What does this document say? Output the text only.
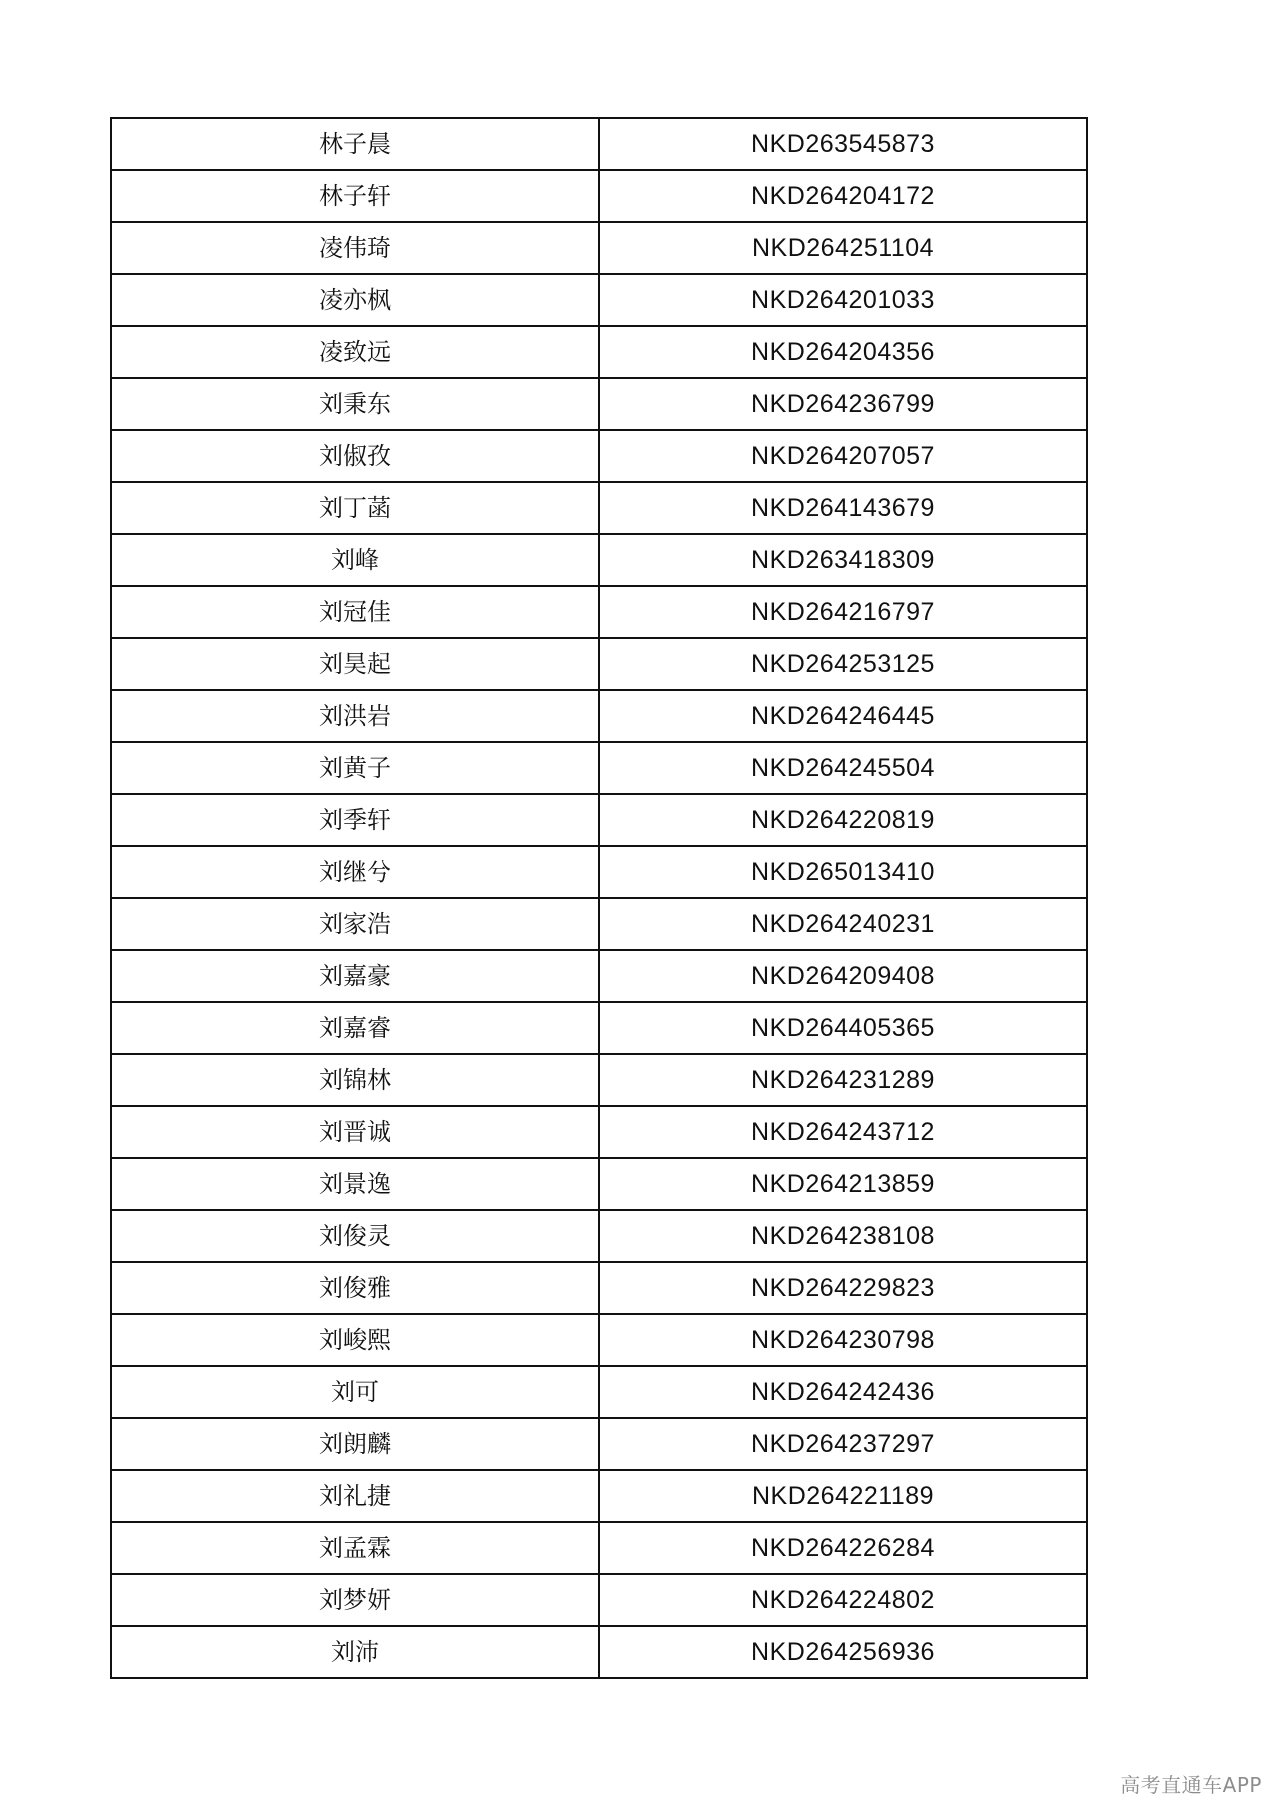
林子晨	NKD263545873
林子轩	NKD264204172
凌伟琦	NKD264251104
凌亦枫	NKD264201033
凌致远	NKD264204356
刘秉东	NKD264236799
刘俶孜	NKD264207057
刘丁菡	NKD264143679
刘峰	NKD263418309
刘冠佳	NKD264216797
刘昊起	NKD264253125
刘洪岩	NKD264246445
刘黄子	NKD264245504
刘季轩	NKD264220819
刘继兮	NKD265013410
刘家浩	NKD264240231
刘嘉豪	NKD264209408
刘嘉睿	NKD264405365
刘锦林	NKD264231289
刘晋诚	NKD264243712
刘景逸	NKD264213859
刘俊灵	NKD264238108
刘俊雅	NKD264229823
刘峻熙	NKD264230798
刘可	NKD264242436
刘朗麟	NKD264237297
刘礼捷	NKD264221189
刘孟霖	NKD264226284
刘梦妍	NKD264224802
刘沛	NKD264256936
高考直通车APP
